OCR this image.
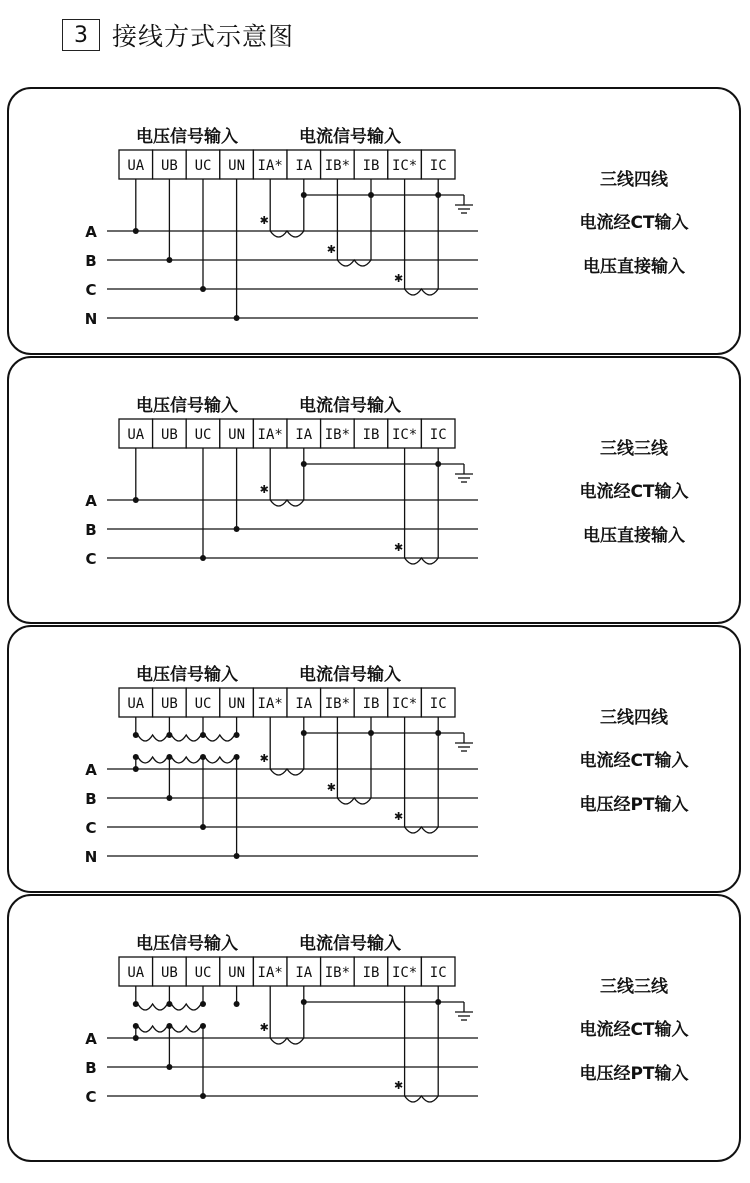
3 接线方式示意图
UA UB UC UN IA* IA IB* IB IC* IC
A
B
C
N
✱
✱
✱
电压信号输入	电流信号输入
三线四线
电流经CT输入
电压直接输入
UA UB UC UN IA* IA IB* IB IC* IC
A
B
C
✱
✱
电压信号输入	电流信号输入
三线三线
电流经CT输入
电压直接输入
UA UB UC UN IA* IA IB* IB IC* IC
A
B
C
N
✱
✱
✱
电压信号输入	电流信号输入
三线四线
电流经CT输入
电压经PT输入
UA UB UC UN IA* IA IB* IB IC* IC
A
B
C
✱
✱
电压信号输入	电流信号输入
三线三线
电流经CT输入
电压经PT输入
